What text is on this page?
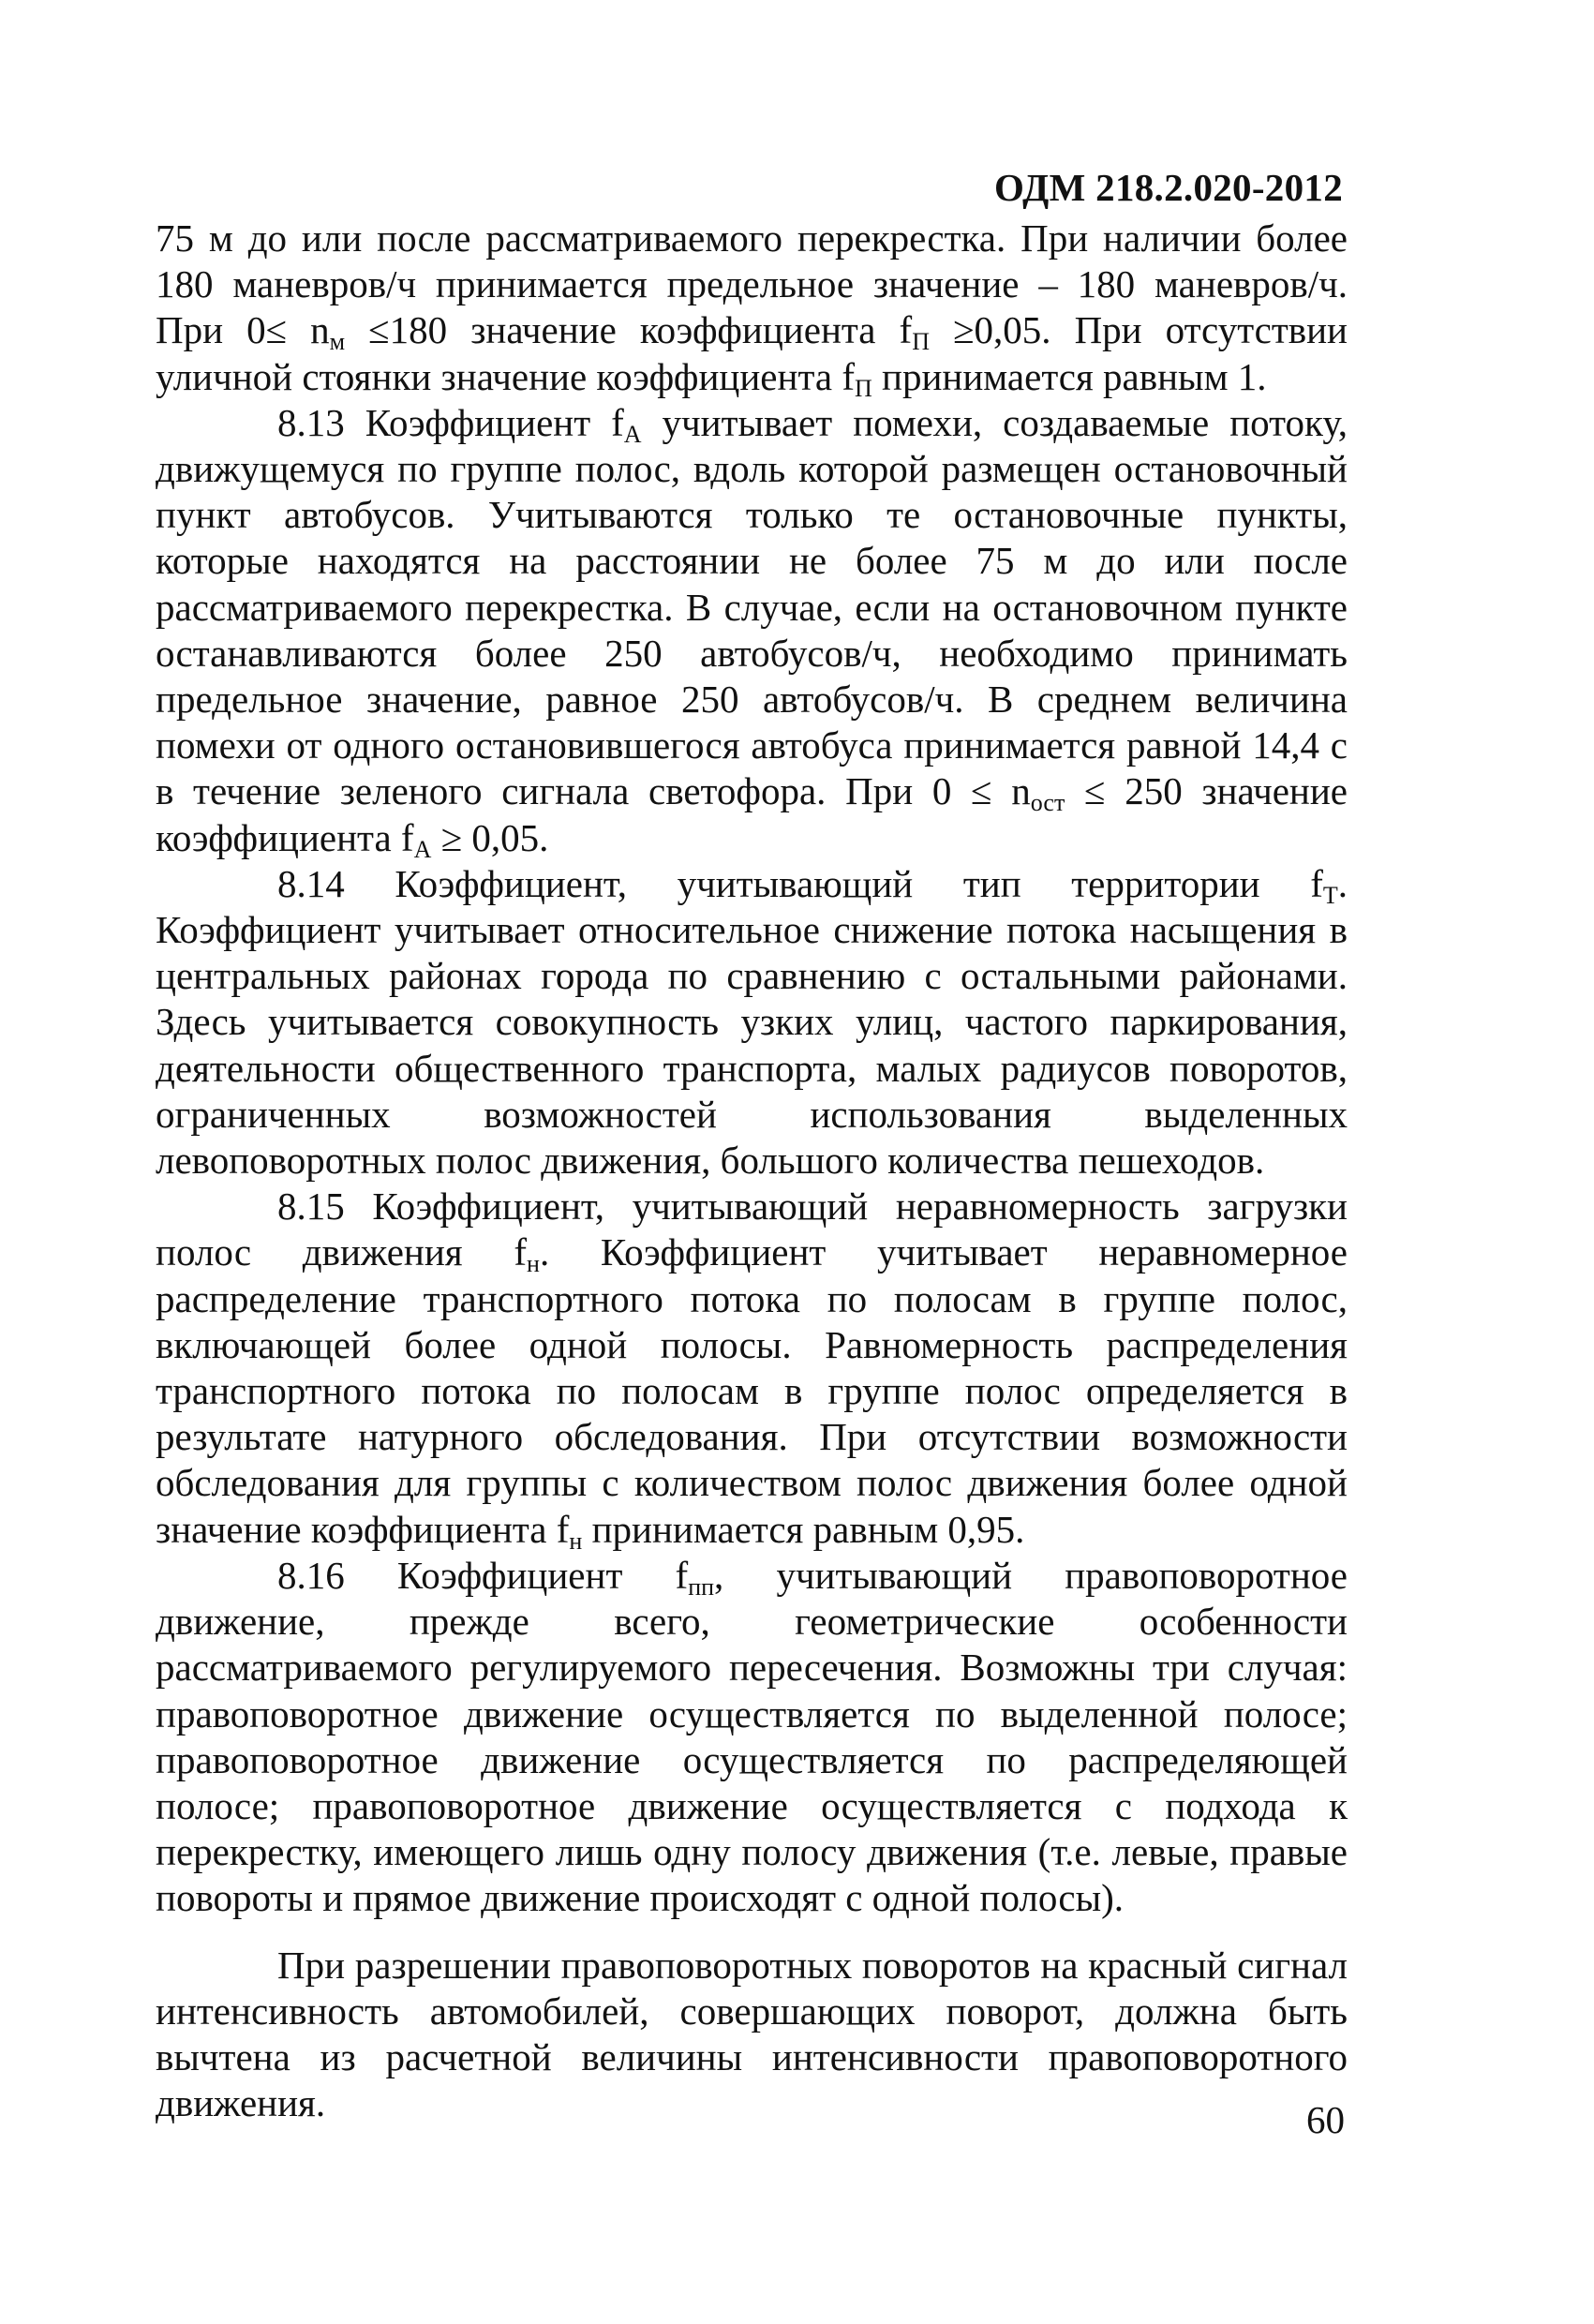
ОДМ 218.2.020-2012

75 м до или после рассматриваемого перекрестка. При наличии более 180 маневров/ч принимается предельное значение – 180 маневров/ч. При $0\le n_м \le 180$ значение коэффициента $f_П \ge 0,05$. При отсутствии уличной стоянки значение коэффициента $f_П$ принимается равным 1.

8.13 Коэффициент $f_А$ учитывает помехи, создаваемые потоку, движущемуся по группе полос, вдоль которой размещен остановочный пункт автобусов. Учитываются только те остановочные пункты, которые находятся на расстоянии не более 75 м до или после рассматриваемого перекрестка. В случае, если на остановочном пункте останавливаются более 250 автобусов/ч, необходимо принимать предельное значение, равное 250 автобусов/ч. В среднем величина помехи от одного остановившегося автобуса принимается равной 14,4 с в течение зеленого сигнала светофора. При $0 \le n_{ост} \le 250$ значение коэффициента $f_А \ge 0,05$.

8.14 Коэффициент, учитывающий тип территории $f_Т$. Коэффициент учитывает относительное снижение потока насыщения в центральных районах города по сравнению с остальными районами. Здесь учитывается совокупность узких улиц, частого паркирования, деятельности общественного транспорта, малых радиусов поворотов, ограниченных возможностей использования выделенных левоповоротных полос движения, большого количества пешеходов.

8.15 Коэффициент, учитывающий неравномерность загрузки полос движения $f_н$. Коэффициент учитывает неравномерное распределение транспортного потока по полосам в группе полос, включающей более одной полосы. Равномерность распределения транспортного потока по полосам в группе полос определяется в результате натурного обследования. При отсутствии возможности обследования для группы с количеством полос движения более одной значение коэффициента $f_н$ принимается равным 0,95.

8.16 Коэффициент $f_{пп}$, учитывающий правоповоротное движение, прежде всего, геометрические особенности рассматриваемого регулируемого пересечения. Возможны три случая: правоповоротное движение осуществляется по выделенной полосе; правоповоротное движение осуществляется по распределяющей полосе; правоповоротное движение осуществляется с подхода к перекрестку, имеющего лишь одну полосу движения (т.е. левые, правые повороты и прямое движение происходят с одной полосы).

При разрешении правоповоротных поворотов на красный сигнал интенсивность автомобилей, совершающих поворот, должна быть вычтена из расчетной величины интенсивности правоповоротного движения.	60
